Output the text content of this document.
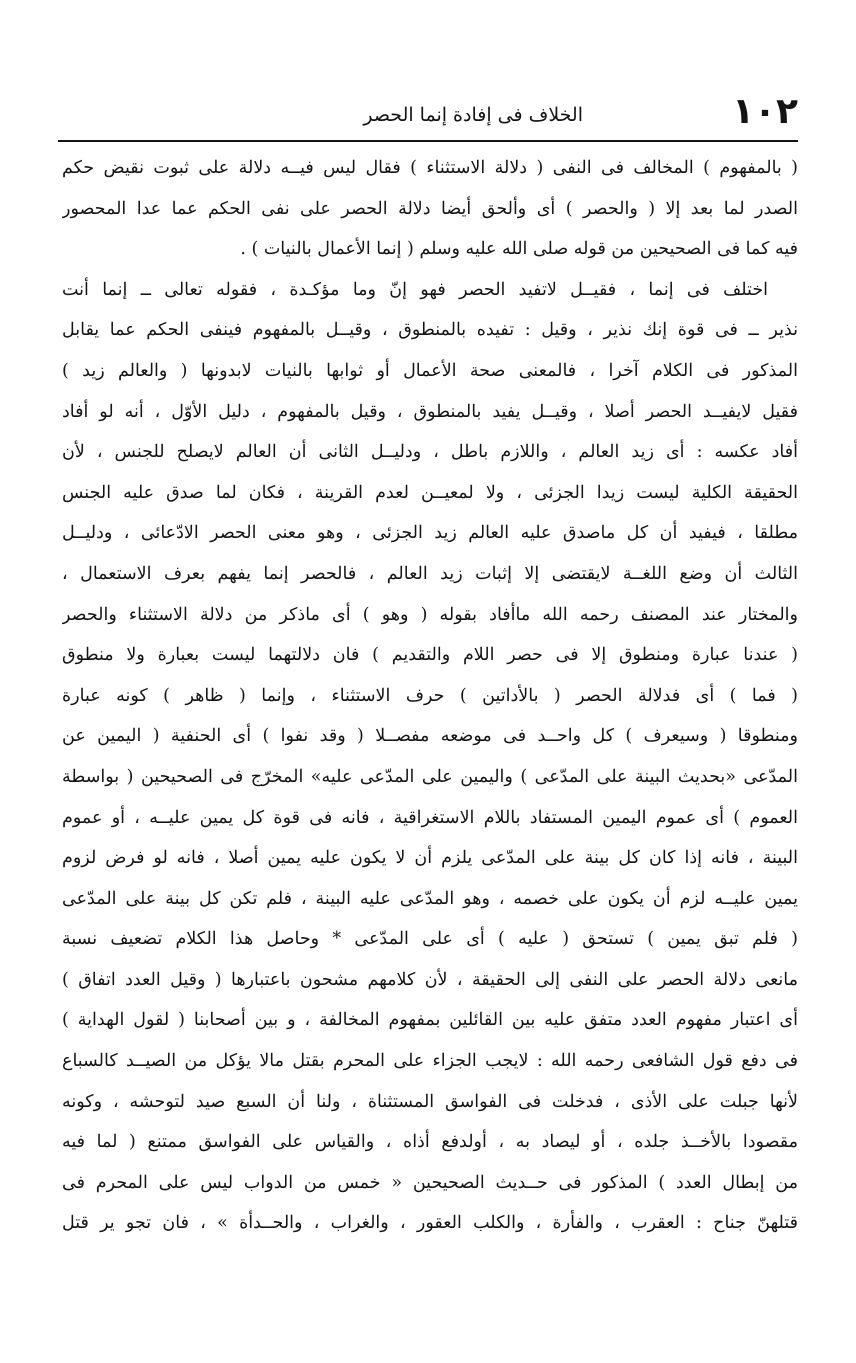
١٠٢
الخلاف فى إفادة إنما الحصر
( بالمفهوم ) المخالف فى النفى ( دلالة الاستثناء ) فقال ليس فيــه دلالة على ثبوت نقيض حكم
الصدر لما بعد إلا ( والحصر ) أى وألحق أيضا دلالة الحصر على نفى الحكم عما عدا المحصور
فيه كما فى الصحيحين من قوله صلى الله عليه وسلم ( إنما الأعمال بالنيات ) .
اختلف فى إنما ، فقيــل لاتفيد الحصر فهو إنّ وما مؤكـدة ، فقوله تعالى ــ إنما أنت
نذير ــ فى قوة إنك نذير ، وقيل : تفيده بالمنطوق ، وقيــل بالمفهوم فينفى الحكم عما يقابل
المذكور فى الكلام آخرا ، فالمعنى صحة الأعمال أو ثوابها بالنيات لابدونها ( والعالم زيد )
فقيل لايفيــد الحصر أصلا ، وقيــل يفيد بالمنطوق ، وقيل بالمفهوم ، دليل الأوّل ، أنه لو أفاد
أفاد عكسه : أى زيد العالم ، واللازم باطل ، ودليــل الثانى أن العالم لايصلح للجنس ، لأن
الحقيقة الكلية ليست زيدا الجزئى ، ولا لمعيــن لعدم القرينة ، فكان لما صدق عليه الجنس
مطلقا ، فيفيد أن كل ماصدق عليه العالم زيد الجزئى ، وهو معنى الحصر الادّعائى ، ودليــل
الثالث أن وضع اللغــة لايقتضى إلا إثبات زيد العالم ، فالحصر إنما يفهم بعرف الاستعمال ،
والمختار عند المصنف رحمه الله ماأفاد بقوله ( وهو ) أى ماذكر من دلالة الاستثناء والحصر
( عندنا عبارة ومنطوق إلا فى حصر اللام والتقديم ) فان دلالتهما ليست بعبارة ولا منطوق
( فما ) أى فدلالة الحصر ( بالأداتين ) حرف الاستثناء ، وإنما ( ظاهر ) كونه عبارة
ومنطوقا ( وسيعرف ) كل واحــد فى موضعه مفصــلا ( وقد نفوا ) أى الحنفية ( اليمين عن
المدّعى «بحديث البينة على المدّعى ) واليمين على المدّعى عليه» المخرّج فى الصحيحين ( بواسطة
العموم ) أى عموم اليمين المستفاد باللام الاستغراقية ، فانه فى قوة كل يمين عليــه ، أو عموم
البينة ، فانه إذا كان كل بينة على المدّعى يلزم أن لا يكون عليه يمين أصلا ، فانه لو فرض لزوم
يمين عليــه لزم أن يكون على خصمه ، وهو المدّعى عليه البينة ، فلم تكن كل بينة على المدّعى
( فلم تبق يمين ) تستحق ( عليه ) أى على المدّعى * وحاصل هذا الكلام تضعيف نسبة
مانعى دلالة الحصر على النفى إلى الحقيقة ، لأن كلامهم مشحون باعتبارها ( وقيل العدد اتفاق )
أى اعتبار مفهوم العدد متفق عليه بين القائلين بمفهوم المخالفة ، و بين أصحابنا ( لقول الهداية )
فى دفع قول الشافعى رحمه الله : لايجب الجزاء على المحرم بقتل مالا يؤكل من الصيــد كالسباع
لأنها جبلت على الأذى ، فدخلت فى الفواسق المستثناة ، ولنا أن السبع صيد لتوحشه ، وكونه
مقصودا بالأخــذ جلده ، أو ليصاد به ، أولدفع أذاه ، والقياس على الفواسق ممتنع ( لما فيه
من إبطال العدد ) المذكور فى حــديث الصحيحين « خمس من الدواب ليس على المحرم فى
قتلهنّ جناح : العقرب ، والفأرة ، والكلب العقور ، والغراب ، والحــدأة » ، فان تجو ير قتل
